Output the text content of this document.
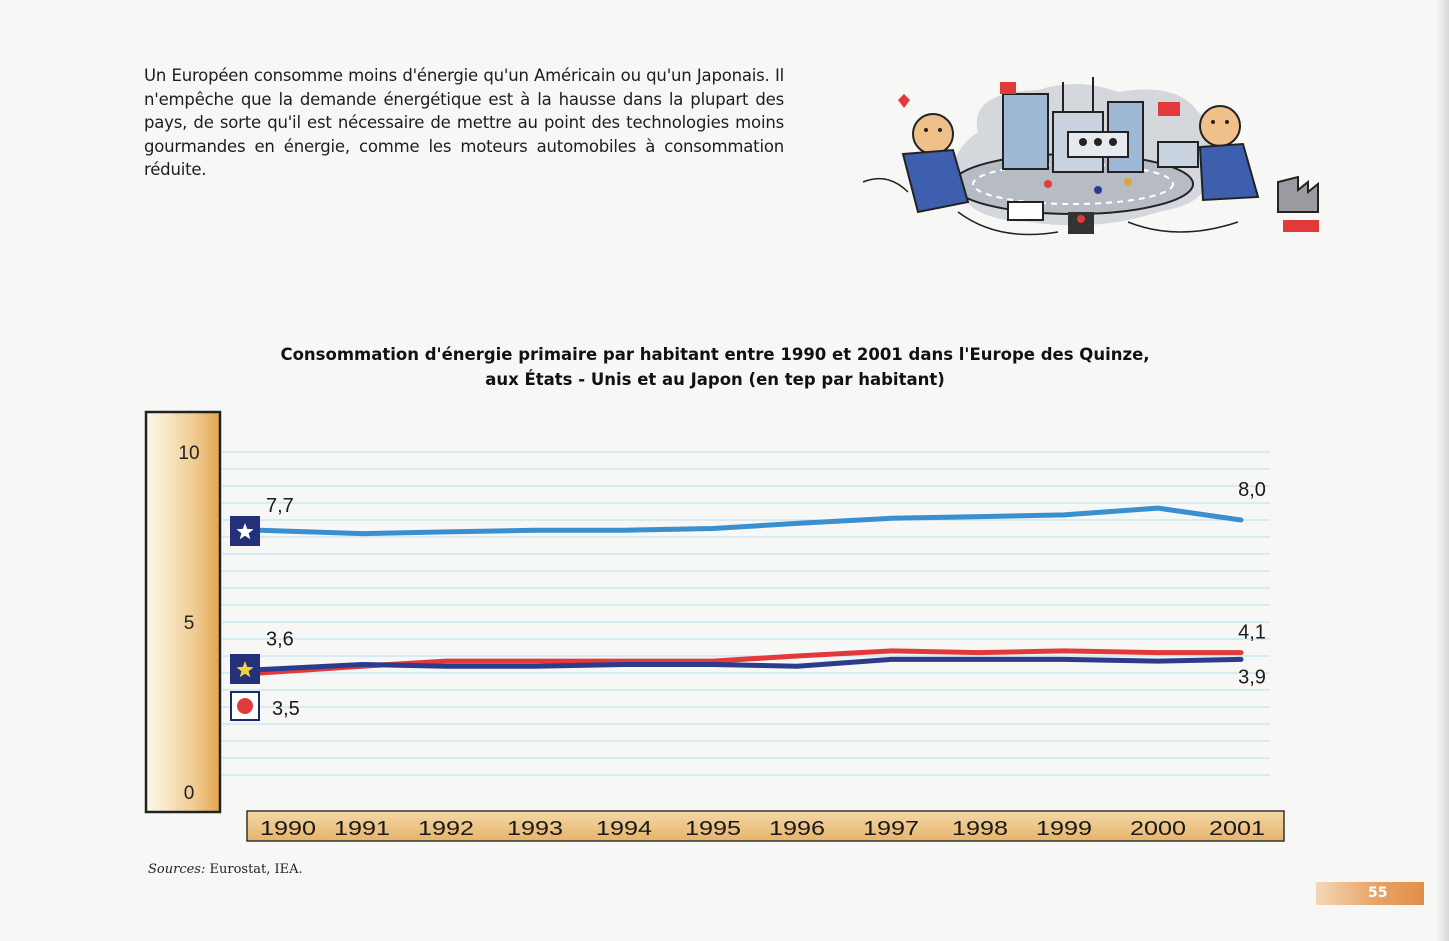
Un Européen consomme moins d'énergie qu'un Américain ou qu'un Japonais. Il n'empêche que la demande énergétique est à la hausse dans la plupart des pays, de sorte qu'il est nécessaire de mettre au point des technologies moins gourmandes en énergie, comme les moteurs automobiles à consommation réduite.

Consommation d'énergie primaire par habitant entre 1990 et 2001 dans l'Europe des Quinze,
aux États - Unis et au Japon (en tep par habitant)
0
5
10
1990 1991 1992 1993 1994 1995 1996 1997 1998 1999 2000 2001
7,7
8,0
3,5
4,1
3,6
3,9
Sources: Eurostat, IEA.
55
